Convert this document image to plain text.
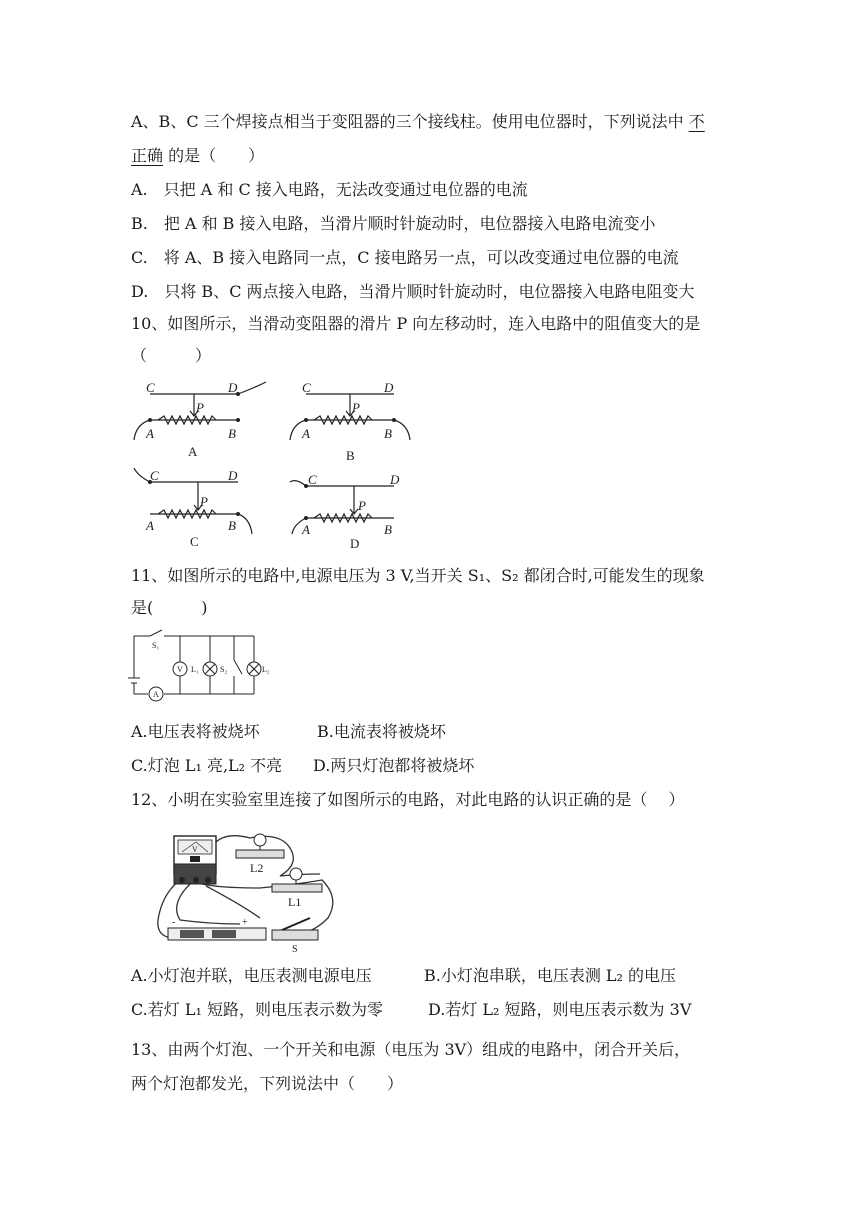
A、B、C 三个焊接点相当于变阻器的三个接线柱。使用电位器时，下列说法中 不
正确 的是（　　）
A.　只把 A 和 C 接入电路，无法改变通过电位器的电流
B.　把 A 和 B 接入电路，当滑片顺时针旋动时，电位器接入电路电流变小
C.　将 A、B 接入电路同一点，C 接电路另一点，可以改变通过电位器的电流
D.　只将 B、C 两点接入电路，当滑片顺时针旋动时，电位器接入电路电阻变大
10、如图所示，当滑动变阻器的滑片 P 向左移动时，连入电路中的阻值变大的是
（　　　）
C	D
P
A	B
C	D
P
A	B
C	D
P
A	B
C	D
P
A	B
A	B
C	D
11、如图所示的电路中,电源电压为 3 V,当开关 S₁、S₂ 都闭合时,可能发生的现象
是(　　　)
S₁
V L₁	S₂	L₂
A
A.电压表将被烧坏	B.电流表将被烧坏
C.灯泡 L₁ 亮,L₂ 不亮 D.两只灯泡都将被烧坏
12、小明在实验室里连接了如图所示的电路，对此电路的认识正确的是（　 ）
V
L2
L1
-	+
S
A.小灯泡并联，电压表测电源电压	B.小灯泡串联，电压表测 L₂ 的电压
C.若灯 L₁ 短路，则电压表示数为零	D.若灯 L₂ 短路，则电压表示数为 3V
13、由两个灯泡、一个开关和电源（电压为 3V）组成的电路中，闭合开关后，
两个灯泡都发光，下列说法中（　　）
